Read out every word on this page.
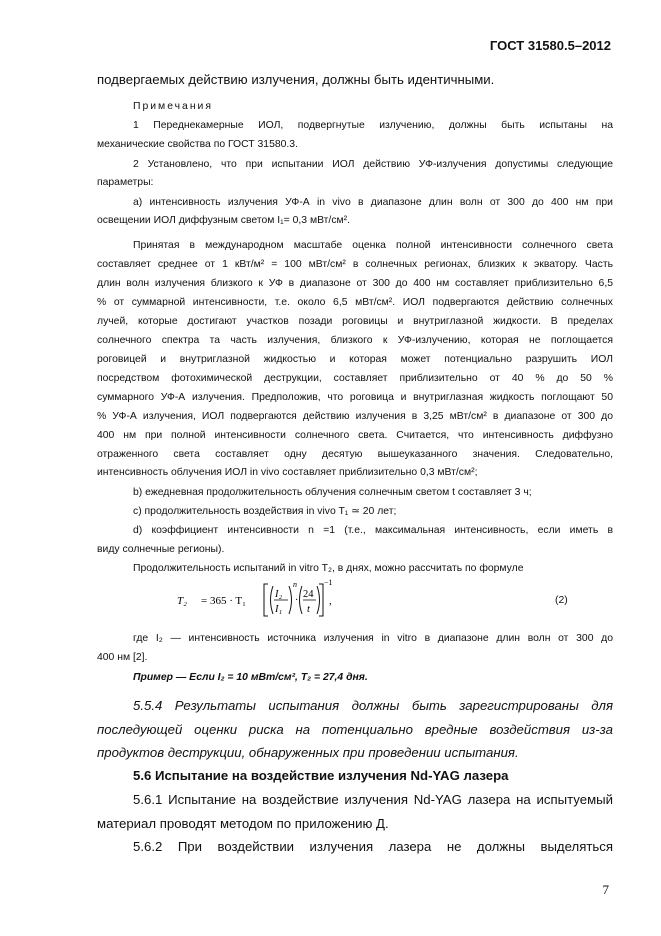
ГОСТ 31580.5–2012
подвергаемых действию излучения, должны быть идентичными.
Примечания
1 Переднекамерные ИОЛ, подвергнутые излучению, должны быть испытаны на
механические свойства по ГОСТ 31580.3.
2 Установлено, что при испытании ИОЛ действию УФ-излучения допустимы следующие
параметры:
a) интенсивность излучения УФ-А in vivo в диапазоне длин волн от 300 до 400 нм при
освещении ИОЛ диффузным светом I₁= 0,3 мВт/см².
Принятая в международном масштабе оценка полной интенсивности солнечного света
составляет среднее от 1 кВт/м² = 100 мВт/см² в солнечных регионах, близких к экватору. Часть
длин волн излучения близкого к УФ в диапазоне от 300 до 400 нм составляет приблизительно 6,5
% от суммарной интенсивности, т.е. около 6,5 мВт/см². ИОЛ подвергаются действию солнечных
лучей, которые достигают участков позади роговицы и внутриглазной жидкости. В пределах
солнечного спектра та часть излучения, близкого к УФ-излучению, которая не поглощается
роговицей и внутриглазной жидкостью и которая может потенциально разрушить ИОЛ
посредством фотохимической деструкции, составляет приблизительно от 40 % до 50 %
суммарного УФ-А излучения. Предположив, что роговица и внутриглазная жидкость поглощают 50
% УФ-А излучения, ИОЛ подвергаются действию излучения в 3,25 мВт/см² в диапазоне от 300 до
400 нм при полной интенсивности солнечного света. Считается, что интенсивность диффузно
отраженного света составляет одну десятую вышеуказанного значения. Следовательно,
интенсивность облучения ИОЛ in vivo составляет приблизительно 0,3 мВт/см²;
b) ежедневная продолжительность облучения солнечным светом t составляет 3 ч;
c) продолжительность воздействия in vivo T₁ ≃ 20 лет;
d) коэффициент интенсивности n =1 (т.е., максимальная интенсивность, если иметь в
виду солнечные регионы).
Продолжительность испытаний in vitro T₂, в днях, можно рассчитать по формуле
T₂ = 365 · T₁
I₂
I₁
n
·
24
t
−1
,	(2)
где I₂ — интенсивность источника излучения in vitro в диапазоне длин волн от 300 до
400 нм [2].
Пример — Если I₂ = 10 мВт/см², T₂ = 27,4 дня.
5.5.4 Результаты испытания должны быть зарегистрированы для
последующей оценки риска на потенциально вредные воздействия из-за
продуктов деструкции, обнаруженных при проведении испытания.
5.6 Испытание на воздействие излучения Nd-YAG лазера
5.6.1 Испытание на воздействие излучения Nd-YAG лазера на испытуемый
материал проводят методом по приложению Д.
5.6.2 При воздействии излучения лазера не должны выделяться
7
